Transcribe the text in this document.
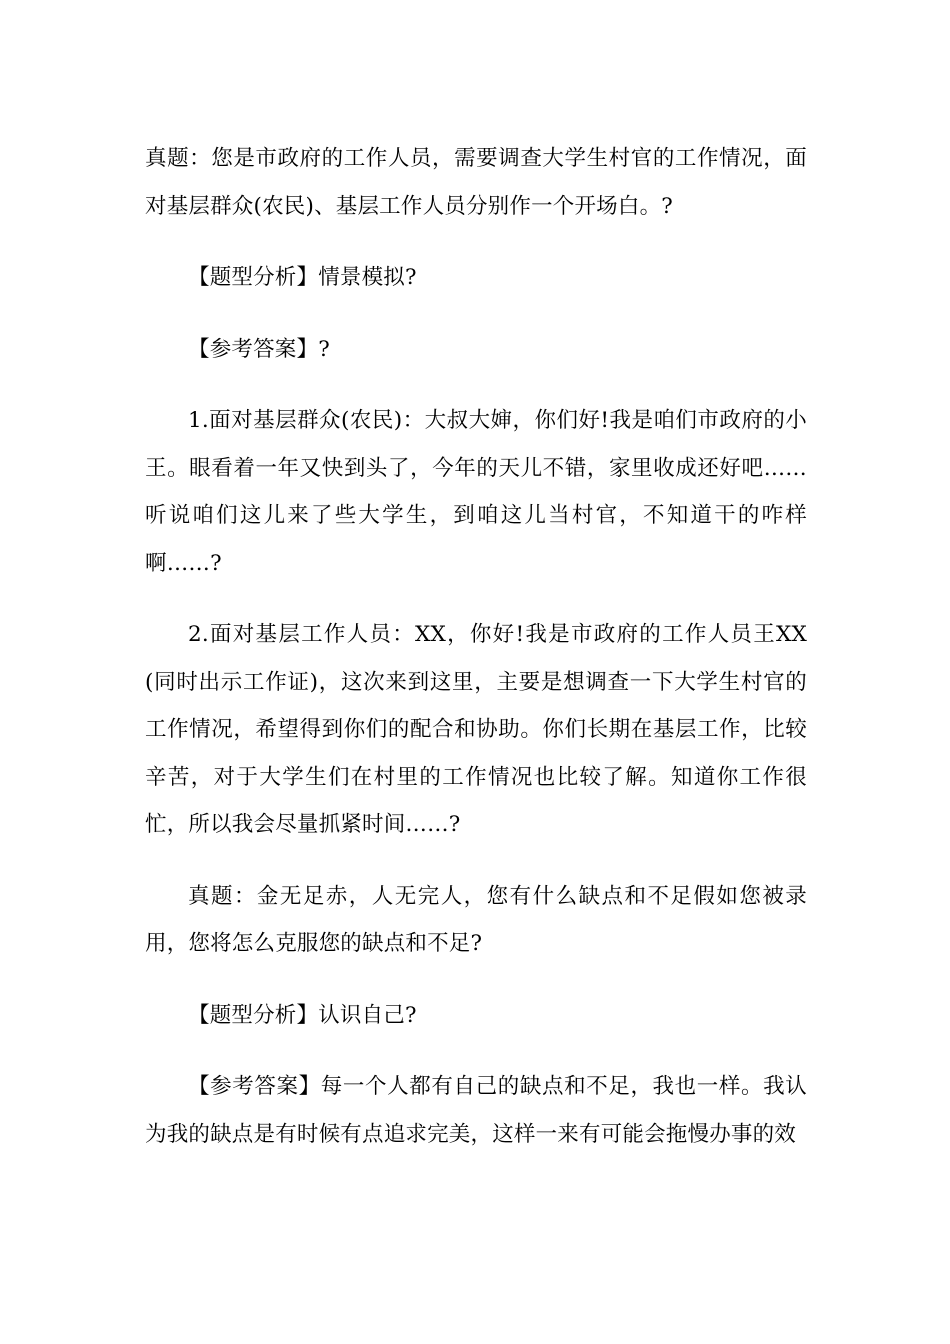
真题：您是市政府的工作人员，需要调查大学生村官的工作情况，面对基层群众(农民)、基层工作人员分别作一个开场白。?

【题型分析】情景模拟?

【参考答案】?

1.面对基层群众(农民)：大叔大婶，你们好!我是咱们市政府的小王。眼看着一年又快到头了，今年的天儿不错，家里收成还好吧……听说咱们这儿来了些大学生，到咱这儿当村官，不知道干的咋样啊……?

2.面对基层工作人员：XX，你好!我是市政府的工作人员王XX(同时出示工作证)，这次来到这里，主要是想调查一下大学生村官的工作情况，希望得到你们的配合和协助。你们长期在基层工作，比较辛苦，对于大学生们在村里的工作情况也比较了解。知道你工作很忙，所以我会尽量抓紧时间……?

真题：金无足赤，人无完人，您有什么缺点和不足假如您被录用，您将怎么克服您的缺点和不足?

【题型分析】认识自己?

【参考答案】每一个人都有自己的缺点和不足，我也一样。我认为我的缺点是有时候有点追求完美，这样一来有可能会拖慢办事的效
